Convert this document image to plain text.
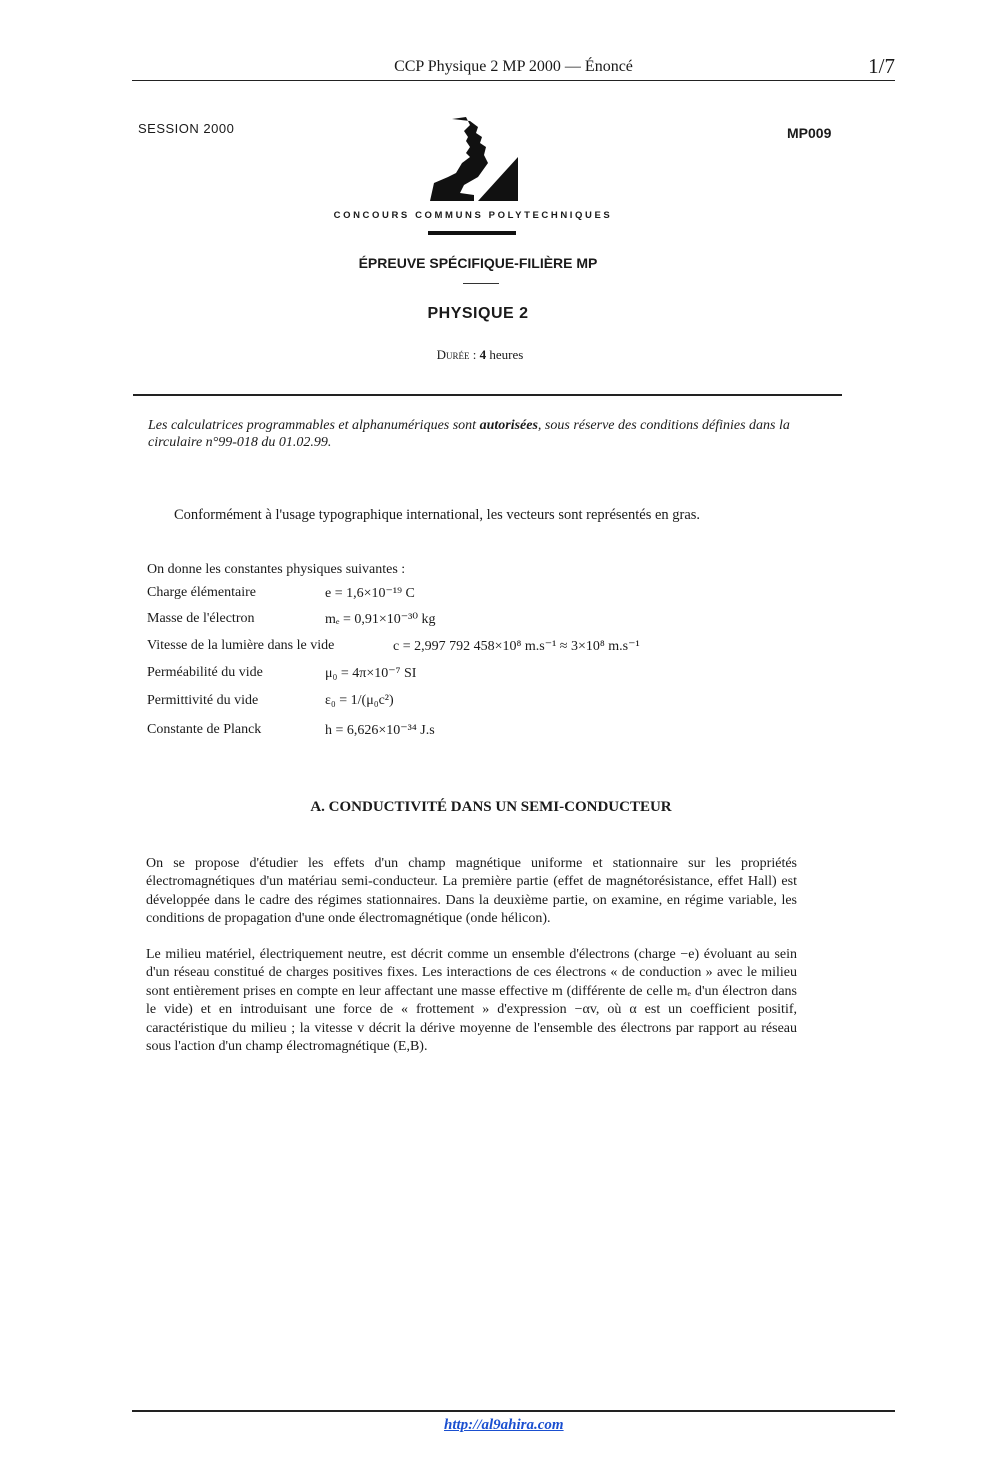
CCP Physique 2 MP 2000 — Énoncé	1/7
SESSION 2000	MP009
CONCOURS COMMUNS POLYTECHNIQUES
ÉPREUVE SPÉCIFIQUE-FILIÈRE MP
PHYSIQUE 2
Durée : 4 heures
Les calculatrices programmables et alphanumériques sont autorisées, sous réserve des conditions définies dans la circulaire n°99-018 du 01.02.99.
Conformément à l'usage typographique international, les vecteurs sont représentés en gras.
On donne les constantes physiques suivantes :
Charge élémentaire	e = 1,6×10⁻¹⁹ C
Masse de l'électron	mₑ = 0,91×10⁻³⁰ kg
Vitesse de la lumière dans le vide	c = 2,997 792 458×10⁸ m.s⁻¹ ≈ 3×10⁸ m.s⁻¹
Perméabilité du vide	μ₀ = 4π×10⁻⁷ SI
Permittivité du vide	ε₀ = 1/(μ₀c²)
Constante de Planck	h = 6,626×10⁻³⁴ J.s
A. CONDUCTIVITÉ DANS UN SEMI-CONDUCTEUR

On se propose d'étudier les effets d'un champ magnétique uniforme et stationnaire sur les propriétés électromagnétiques d'un matériau semi-conducteur. La première partie (effet de magnétorésistance, effet Hall) est développée dans le cadre des régimes stationnaires. Dans la deuxième partie, on examine, en régime variable, les conditions de propagation d'une onde électromagnétique (onde hélicon).

Le milieu matériel, électriquement neutre, est décrit comme un ensemble d'électrons (charge −e) évoluant au sein d'un réseau constitué de charges positives fixes. Les interactions de ces électrons « de conduction » avec le milieu sont entièrement prises en compte en leur affectant une masse effective m (différente de celle mₑ d'un électron dans le vide) et en introduisant une force de « frottement » d'expression −αv, où α est un coefficient positif, caractéristique du milieu ; la vitesse v décrit la dérive moyenne de l'ensemble des électrons par rapport au réseau sous l'action d'un champ électromagnétique (E,B).

http://al9ahira.com
